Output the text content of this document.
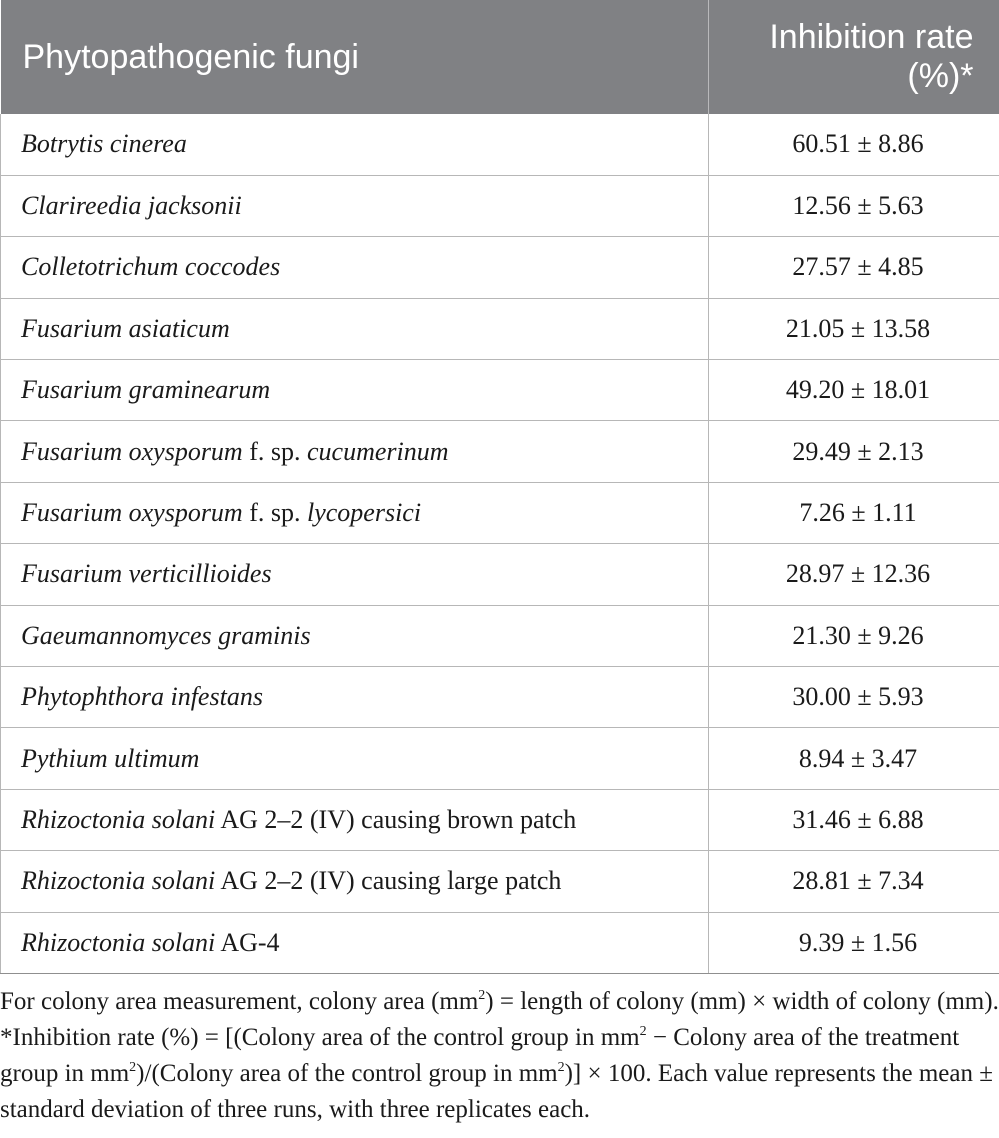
Phytopathogenic fungi	Inhibition rate
(%)*
Botrytis cinerea	60.51 ± 8.86
Clarireedia jacksonii	12.56 ± 5.63
Colletotrichum coccodes	27.57 ± 4.85
Fusarium asiaticum	21.05 ± 13.58
Fusarium graminearum	49.20 ± 18.01
Fusarium oxysporum f. sp. cucumerinum	29.49 ± 2.13
Fusarium oxysporum f. sp. lycopersici	7.26 ± 1.11
Fusarium verticillioides	28.97 ± 12.36
Gaeumannomyces graminis	21.30 ± 9.26
Phytophthora infestans	30.00 ± 5.93
Pythium ultimum	8.94 ± 3.47
Rhizoctonia solani AG 2–2 (IV) causing brown patch	31.46 ± 6.88
Rhizoctonia solani AG 2–2 (IV) causing large patch	28.81 ± 7.34
Rhizoctonia solani AG-4	9.39 ± 1.56

For colony area measurement, colony area $(mm^2)$ = length of colony (mm) × width of colony (mm). *Inhibition rate (%) = [(Colony area of the control group in $mm^2$ − Colony area of the treatment group in $mm^2)/(Colony$ area of the control group in $mm^2)] \times 100$. Each value represents the mean ± standard deviation of three runs, with three replicates each.
